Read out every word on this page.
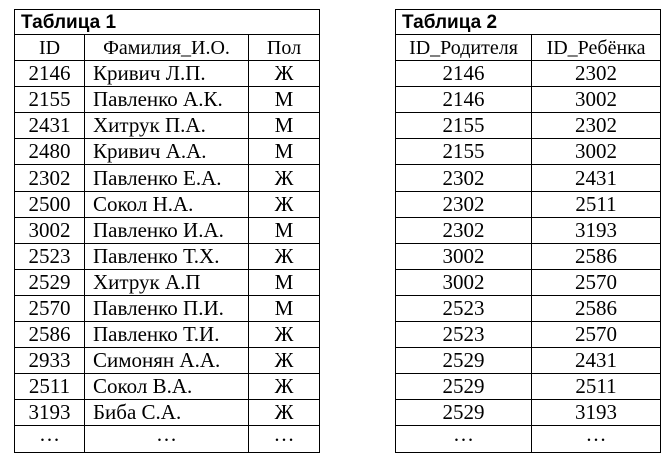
Таблица 1		
ID	Фамилия_И.О.	Пол
2146	Кривич Л.П.	Ж
2155	Павленко А.К.	М
2431	Хитрук П.А.	М
2480	Кривич А.А.	М
2302	Павленко Е.А.	Ж
2500	Сокол Н.А.	Ж
3002	Павленко И.А.	М
2523	Павленко Т.Х.	Ж
2529	Хитрук А.П	М
2570	Павленко П.И.	М
2586	Павленко Т.И.	Ж
2933	Симонян А.А.	Ж
2511	Сокол В.А.	Ж
3193	Биба С.А.	Ж
…	…	…
Таблица 2	
ID_Родителя	ID_Ребёнка
2146	2302
2146	3002
2155	2302
2155	3002
2302	2431
2302	2511
2302	3193
3002	2586
3002	2570
2523	2586
2523	2570
2529	2431
2529	2511
2529	3193
…	…
